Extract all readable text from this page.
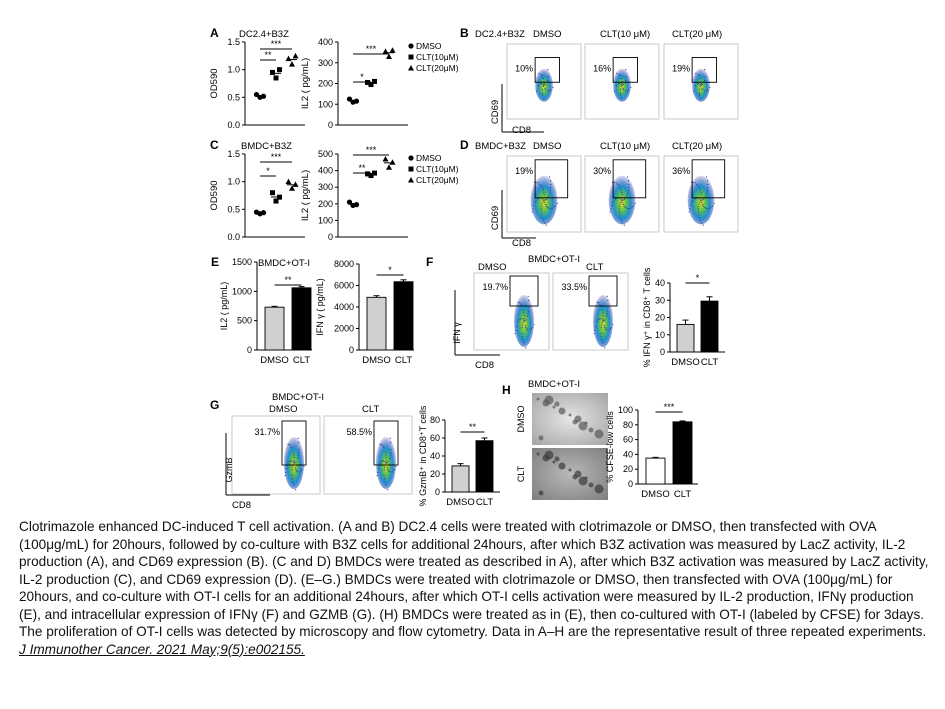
A DC2.4+B3Z
0.0
0.5
1.0
1.5
OD590
**
***
0
100
200
300
400
IL2 ( pg/mL)	*
***	DMSO
CLT(10μM)
CLT(20μM)
C BMDC+B3Z
0.0
0.5
1.0
1.5
OD590
*
***
0
100
200
300
400
500
IL2 ( pg/mL)
**
***
DMSO
CLT(10μM)
CLT(20μM)
B DC2.4+B3Z DMSO	CLT(10 μM) CLT(20 μM)
10%	16%	19%
CD69
CD8
D BMDC+B3Z DMSO	CLT(10 μM) CLT(20 μM)
19%	30%	36%
CD69
CD8
E	BMDC+OT-I
0
500
1000
1500
DMSO CLT
**
IL2 ( pg/mL)
0
2000
4000
6000
8000
DMSO CLT
*
IFN γ ( pg/mL)
F	BMDC+OT-I
DMSO	CLT
19.7%	33.5%
IFN γ
CD8
0
10
20
30
40
DMSO CLT
*
% IFN γ⁺ in CD8⁺ T cells
G
BMDC+OT-I
DMSO	CLT
31.7%	58.5%
GzmB
CD8
0
20
40
60
80
DMSO CLT
**
% GzmB⁺ in CD8⁺T cells
H BMDC+OT-I
DMSO
CLT
0
20
40
60
80
100
DMSO CLT
***
% CFSE-low cells
Clotrimazole enhanced DC-induced T cell activation. (A and B) DC2.4 cells were treated with clotrimazole or DMSO, then transfected with OVA (100μg/mL) for 20hours, followed by co-culture with B3Z cells for additional 24hours, after which B3Z activation was measured by LacZ activity, IL-2 production (A), and CD69 expression (B). (C and D) BMDCs were treated as described in A), after which B3Z activation was measured by LacZ activity, IL-2 production (C), and CD69 expression (D). (E–G.) BMDCs were treated with clotrimazole or DMSO, then transfected with OVA (100μg/mL) for 20hours, and co-culture with OT-I cells for an additional 24hours, after which OT-I cells activation were measured by IL-2 production, IFNγ production (E), and intracellular expression of IFNγ (F) and GZMB (G). (H) BMDCs were treated as in (E), then co-cultured with OT-I (labeled by CFSE) for 3days. The proliferation of OT-I cells was detected by microscopy and flow cytometry. Data in A–H are the representative result of three repeated experiments. J Immunother Cancer. 2021 May;9(5):e002155.
